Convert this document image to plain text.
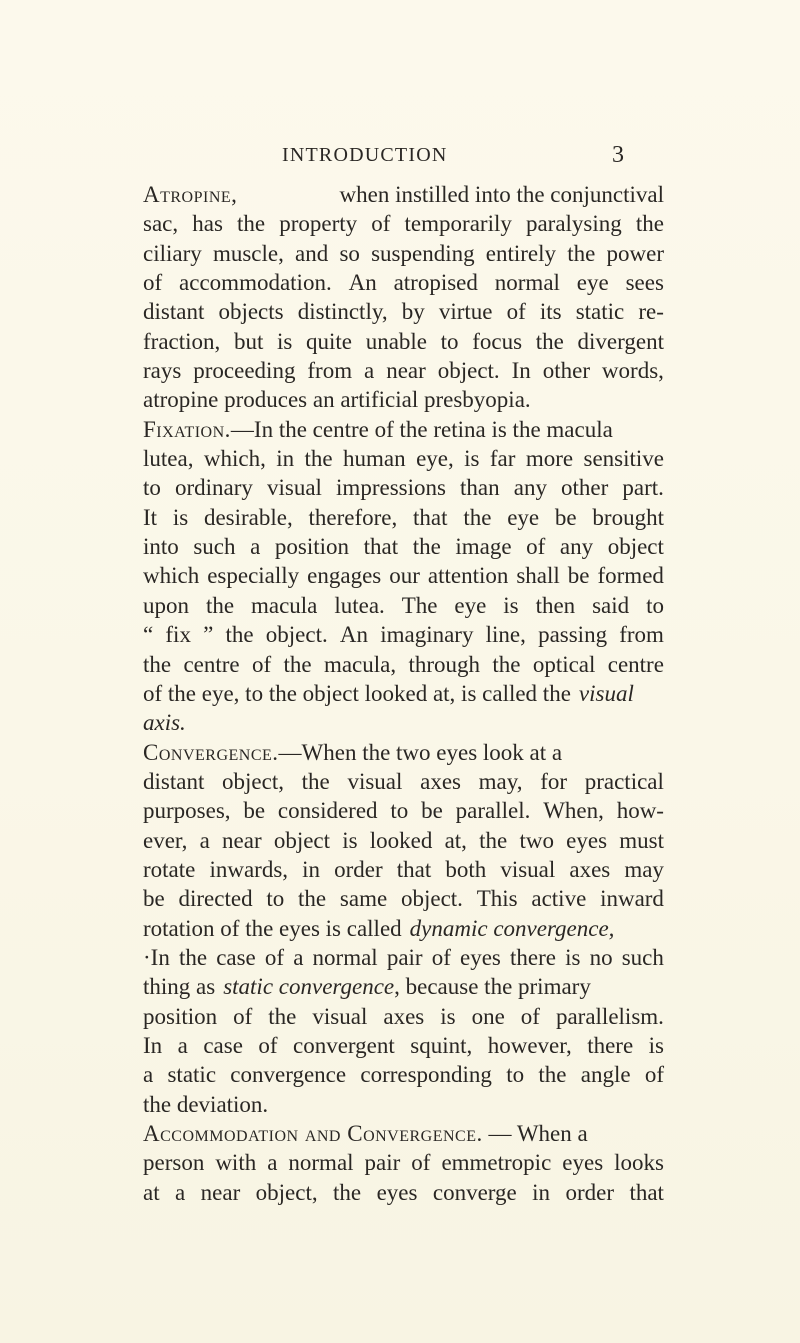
INTRODUCTION	3
Atropine,	when instilled into the conjunctival
sac, has the property of temporarily paralysing the
ciliary muscle, and so suspending entirely the power
of accommodation. An atropised normal eye sees
distant objects distinctly, by virtue of its static re-
fraction, but is quite unable to focus the divergent
rays proceeding from a near object. In other words,
atropine produces an artificial presbyopia.
Fixation. —In the centre of the retina is the macula
lutea, which, in the human eye, is far more sensitive
to ordinary visual impressions than any other part.
It is desirable, therefore, that the eye be brought
into such a position that the image of any object
which especially engages our attention shall be formed
upon the macula lutea. The eye is then said to
“ fix ” the object. An imaginary line, passing from
the centre of the macula, through the optical centre
of the eye, to the object looked at, is called the visual
axis.
Convergence. —When the two eyes look at a
distant object, the visual axes may, for practical
purposes, be considered to be parallel. When, how-
ever, a near object is looked at, the two eyes must
rotate inwards, in order that both visual axes may
be directed to the same object. This active inward
rotation of the eyes is called dynamic convergence,
·In the case of a normal pair of eyes there is no such
thing as static convergence , because the primary
position of the visual axes is one of parallelism.
In a case of convergent squint, however, there is
a static convergence corresponding to the angle of
the deviation.
Accommodation and Convergence. — When a
person with a normal pair of emmetropic eyes looks
at a near object, the eyes converge in order that
